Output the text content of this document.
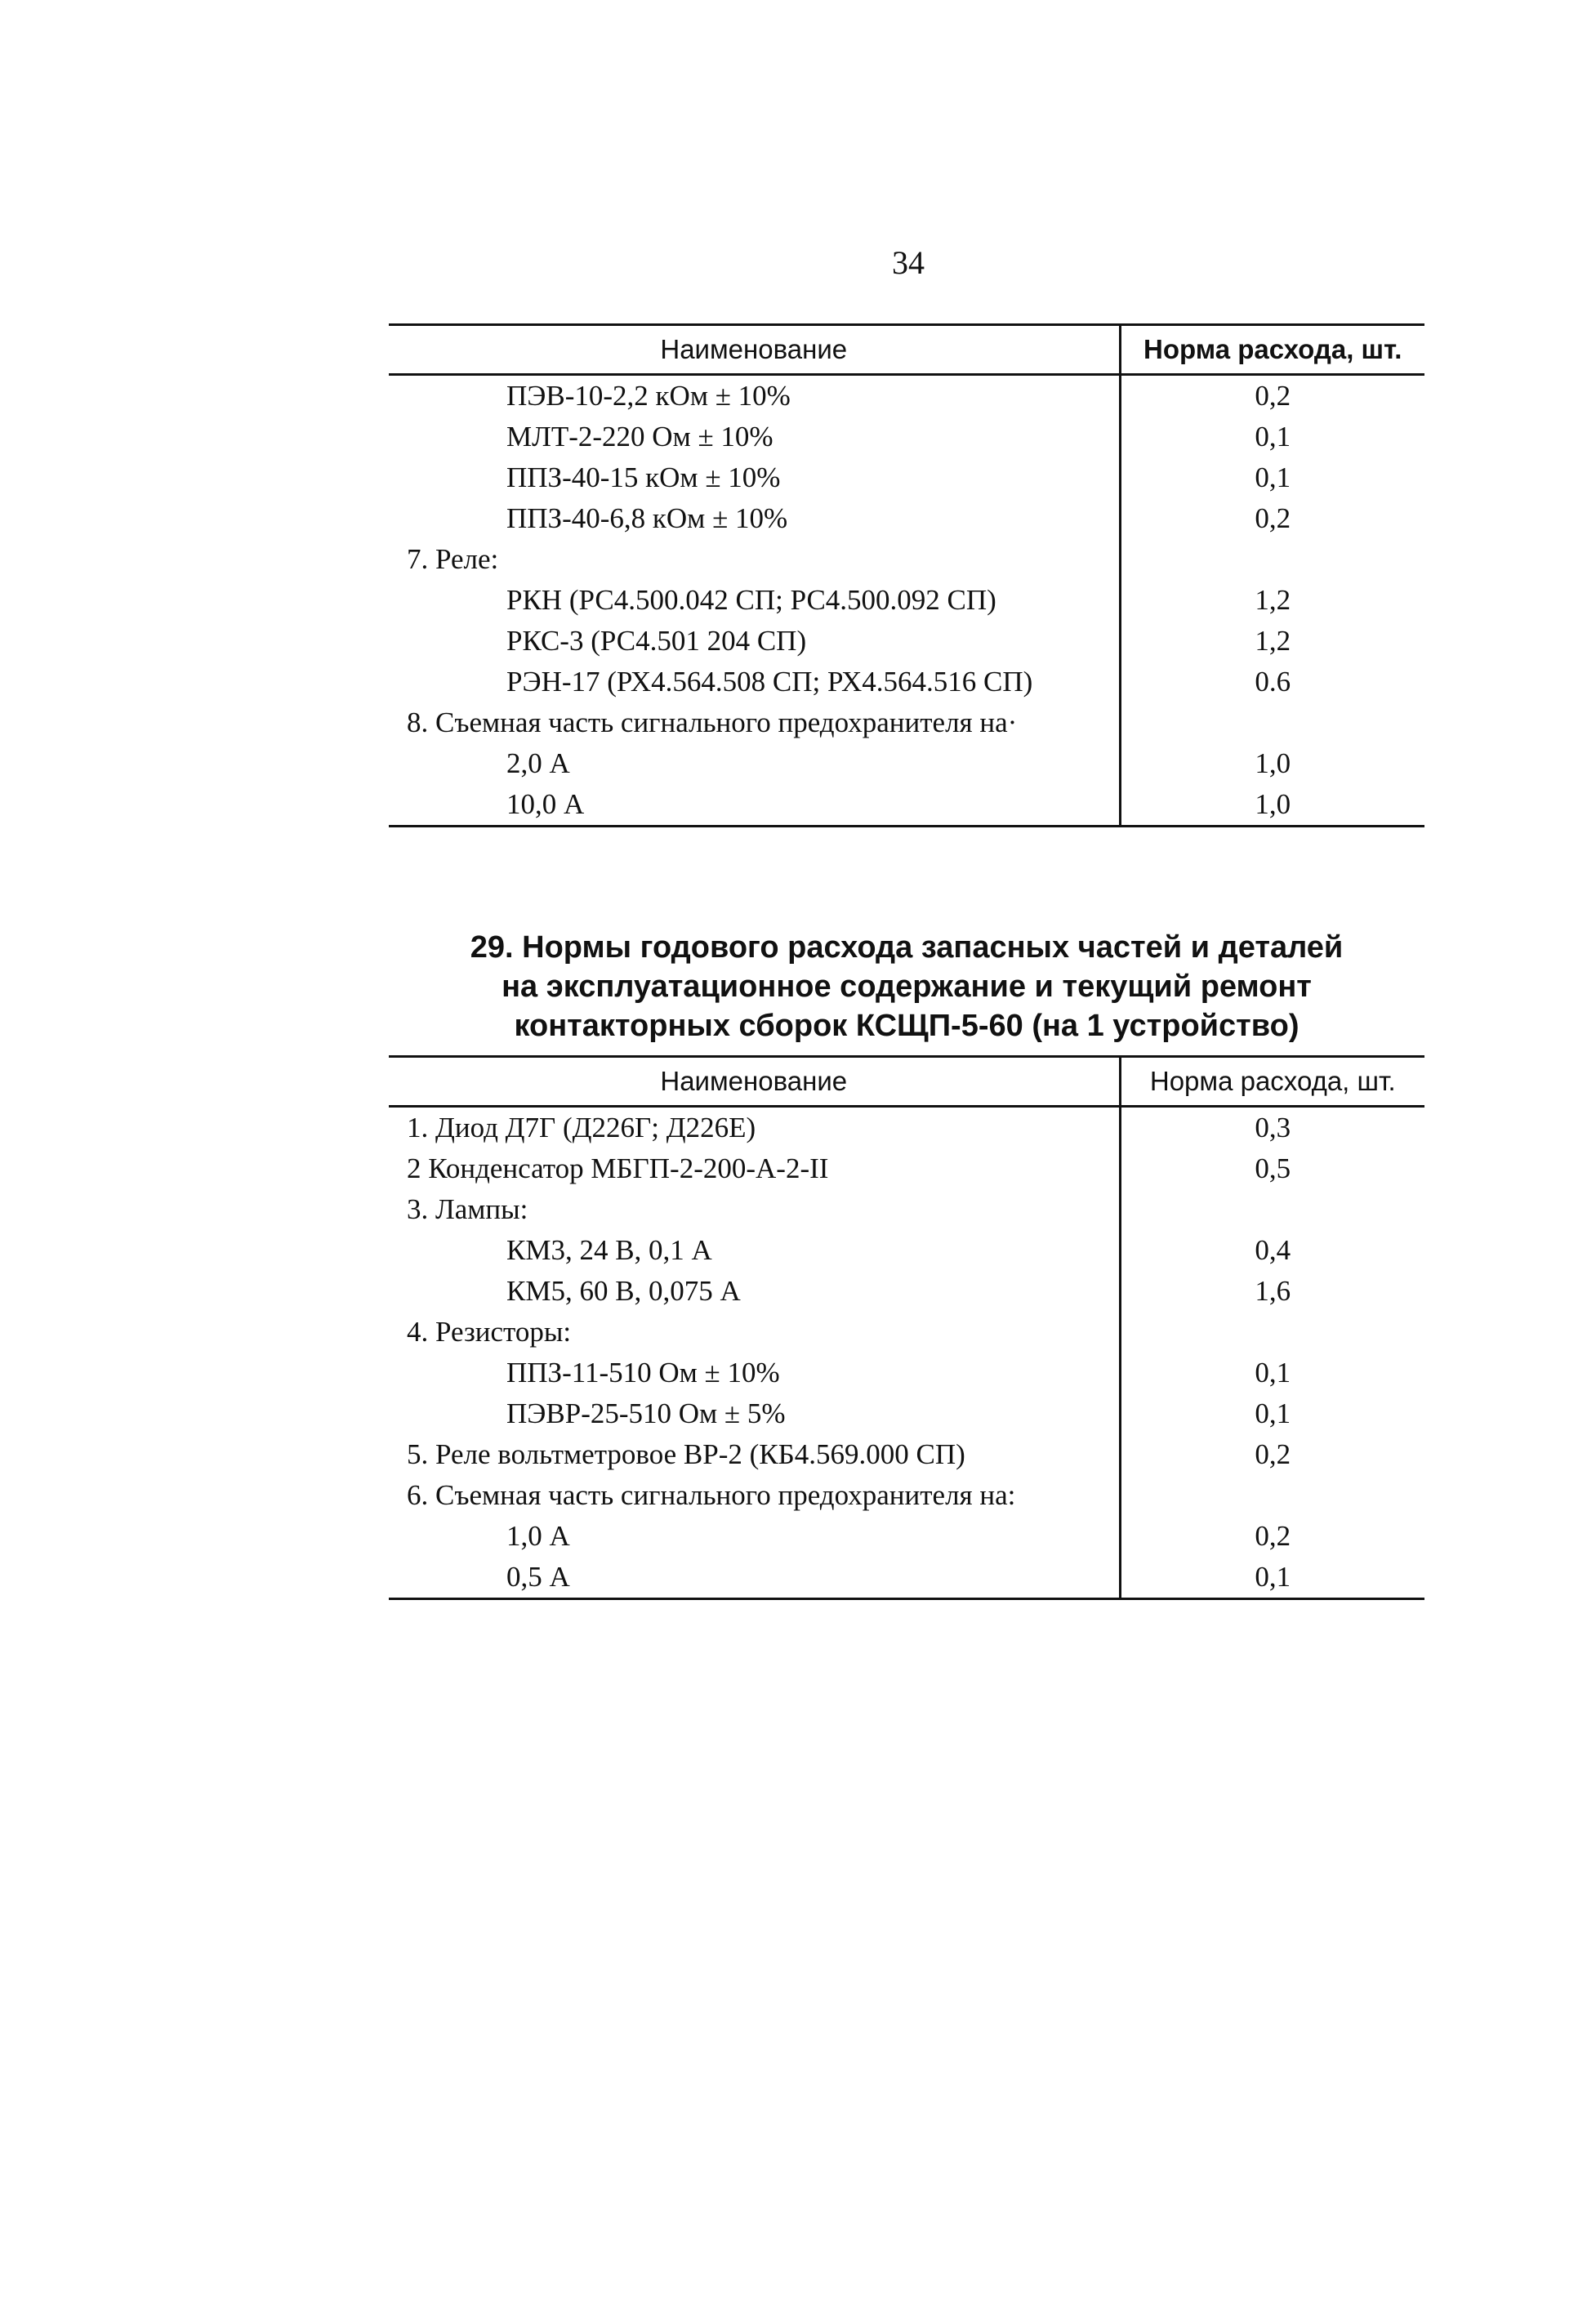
34
Наименование	Норма расхода, шт.
ПЭВ-10-2,2 кОм ± 10%	0,2
МЛТ-2-220 Ом ± 10%	0,1
ППЗ-40-15 кОм ± 10%	0,1
ППЗ-40-6,8 кОм ± 10%	0,2
7. Реле:	
РКН (РС4.500.042 СП; РС4.500.092 СП)	1,2
РКС-3 (РС4.501 204 СП)	1,2
РЭН-17 (РХ4.564.508 СП; РХ4.564.516 СП)	0.6
8. Съемная часть сигнального предохранителя на·	
2,0 А	1,0
10,0 А	1,0
29. Нормы годового расхода запасных частей и деталей
на эксплуатационное содержание и текущий ремонт
контакторных сборок КСЩП-5-60 (на 1 устройство)
Наименование	Норма расхода, шт.
1. Диод Д7Г (Д226Г; Д226Е)	0,3
2 Конденсатор МБГП-2-200-А-2-II	0,5
3. Лампы:	
КМ3, 24 В, 0,1 А	0,4
КМ5, 60 В, 0,075 А	1,6
4. Резисторы:	
ППЗ-11-510 Ом ± 10%	0,1
ПЭВР-25-510 Ом ± 5%	0,1
5. Реле вольтметровое ВР-2 (КБ4.569.000 СП)	0,2
6. Съемная часть сигнального предохранителя на:	
1,0 А	0,2
0,5 А	0,1
